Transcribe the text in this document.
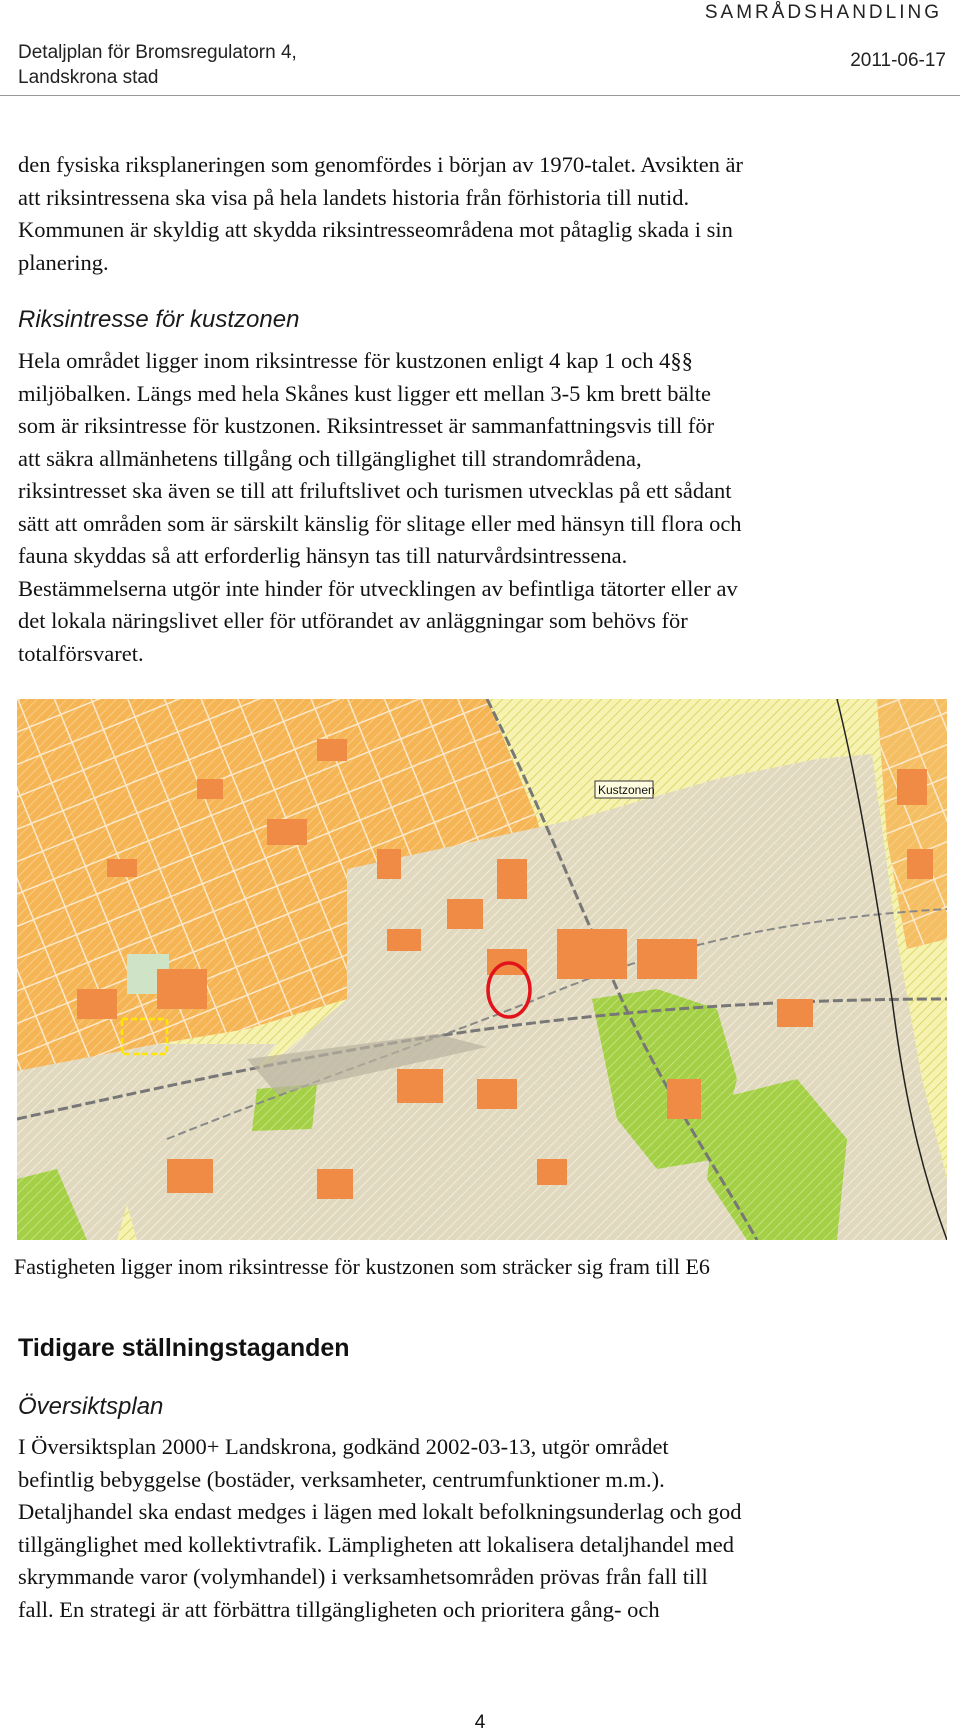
SAMRÅDSHANDLING
Detaljplan för Bromsregulatorn 4,
Landskrona stad
2011-06-17
den fysiska riksplaneringen som genomfördes i början av 1970-talet. Avsikten är
att riksintressena ska visa på hela landets historia från förhistoria till nutid.
Kommunen är skyldig att skydda riksintresseområdena mot påtaglig skada i sin
planering.
Riksintresse för kustzonen
Hela området ligger inom riksintresse för kustzonen enligt 4 kap 1 och 4§§
miljöbalken. Längs med hela Skånes kust ligger ett mellan 3-5 km brett bälte
som är riksintresse för kustzonen. Riksintresset är sammanfattningsvis till för
att säkra allmänhetens tillgång och tillgänglighet till strandområdena,
riksintresset ska även se till att friluftslivet och turismen utvecklas på ett sådant
sätt att områden som är särskilt känslig för slitage eller med hänsyn till flora och
fauna skyddas så att erforderlig hänsyn tas till naturvårdsintressena.
Bestämmelserna utgör inte hinder för utvecklingen av befintliga tätorter eller av
det lokala näringslivet eller för utförandet av anläggningar som behövs för
totalförsvaret.
Kustzonen
Fastigheten ligger inom riksintresse för kustzonen som sträcker sig fram till E6
Tidigare ställningstaganden
Översiktsplan
I Översiktsplan 2000+ Landskrona, godkänd 2002-03-13, utgör området
befintlig bebyggelse (bostäder, verksamheter, centrumfunktioner m.m.).
Detaljhandel ska endast medges i lägen med lokalt befolkningsunderlag och god
tillgänglighet med kollektivtrafik. Lämpligheten att lokalisera detaljhandel med
skrymmande varor (volymhandel) i verksamhetsområden prövas från fall till
fall. En strategi är att förbättra tillgängligheten och prioritera gång- och
4
